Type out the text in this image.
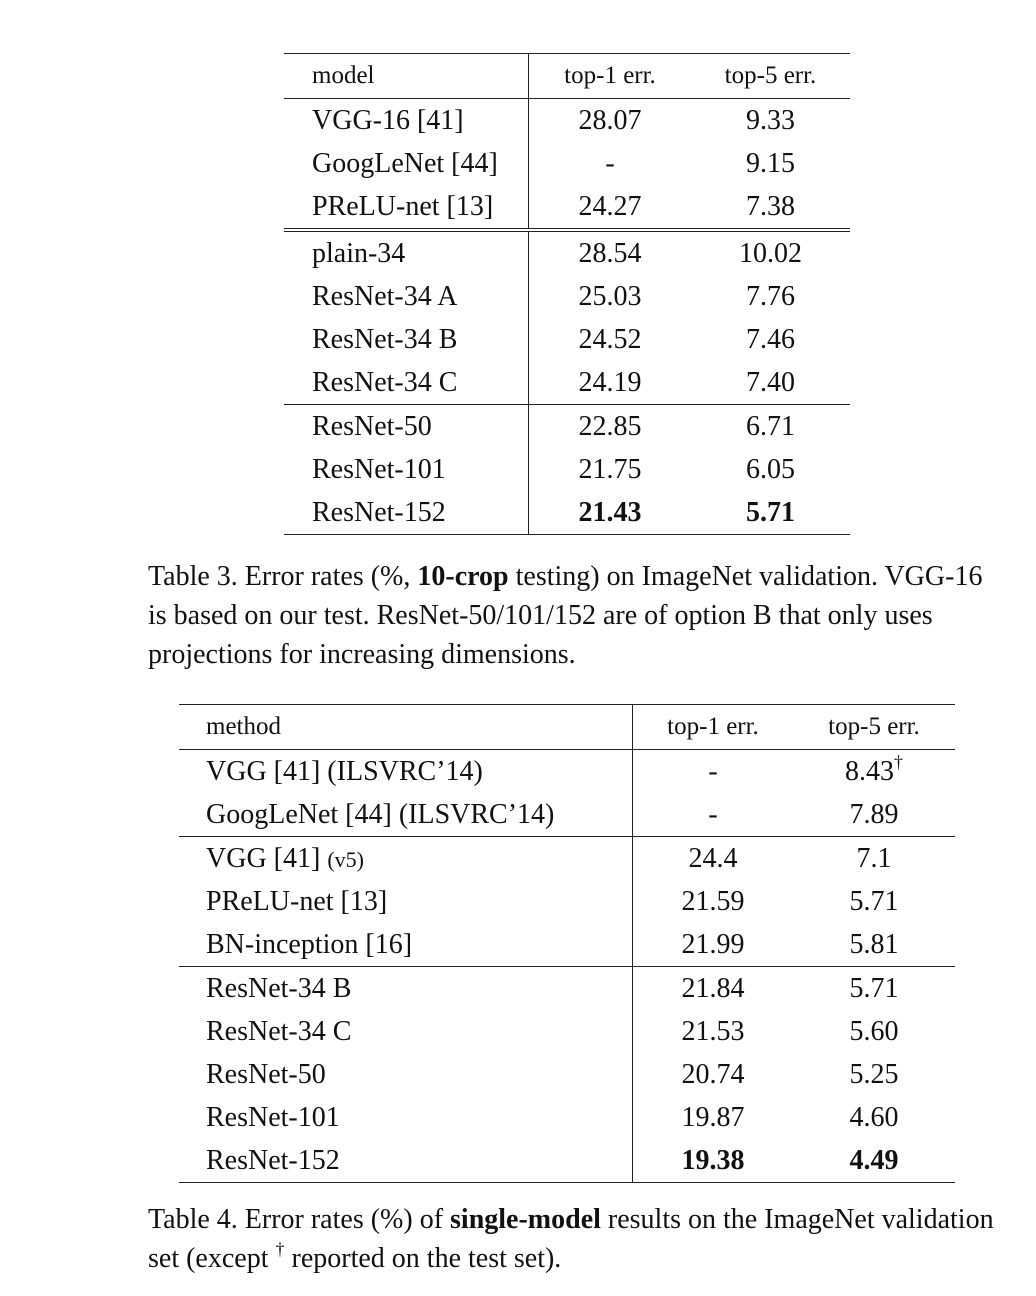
model	top-1 err.	top-5 err.
VGG-16 [41]	28.07	9.33
GoogLeNet [44]	-	9.15
PReLU-net [13]	24.27	7.38
plain-34	28.54	10.02
ResNet-34 A	25.03	7.76
ResNet-34 B	24.52	7.46
ResNet-34 C	24.19	7.40
ResNet-50	22.85	6.71
ResNet-101	21.75	6.05
ResNet-152	21.43	5.71
Table 3. Error rates (%, 10-crop testing) on ImageNet validation. VGG-16 is based on our test. ResNet-50/101/152 are of option B that only uses projections for increasing dimensions.
method	top-1 err.	top-5 err.
VGG [41] (ILSVRC’14)	-	8.43†
GoogLeNet [44] (ILSVRC’14)	-	7.89
VGG [41] (v5)	24.4	7.1
PReLU-net [13]	21.59	5.71
BN-inception [16]	21.99	5.81
ResNet-34 B	21.84	5.71
ResNet-34 C	21.53	5.60
ResNet-50	20.74	5.25
ResNet-101	19.87	4.60
ResNet-152	19.38	4.49
Table 4. Error rates (%) of single-model results on the ImageNet validation set (except † reported on the test set).
